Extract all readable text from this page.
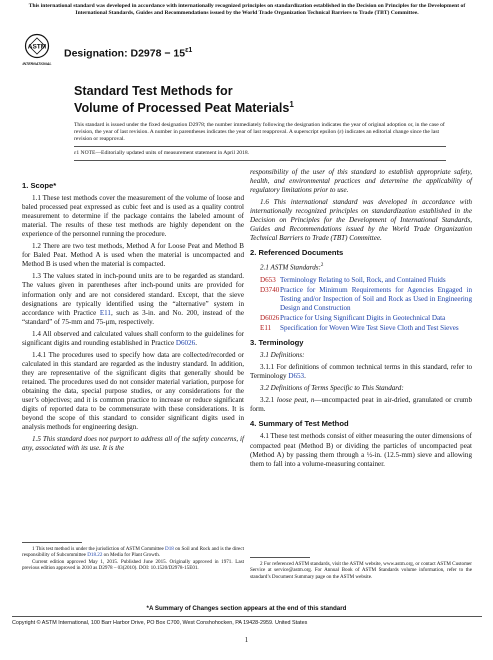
This international standard was developed in accordance with internationally recognized principles on standardization established in the Decision on Principles for the Development of International Standards, Guides and Recommendations issued by the World Trade Organization Technical Barriers to Trade (TBT) Committee.
ASTM
INTERNATIONAL
Designation: $D2978 - 15^{\varepsilon 1}$
Standard Test Methods for
Volume of Processed Peat Materials$^1$
This standard is issued under the fixed designation D2978; the number immediately following the designation indicates the year of original adoption or, in the case of revision, the year of last revision. A number in parentheses indicates the year of last reapproval. A superscript epsilon (ε) indicates an editorial change since the last revision or reapproval.
ε1 NOTE—Editorially updated units of measurement statement in April 2018.
1. Scope*

1.1 These test methods cover the measurement of the volume of loose and baled processed peat expressed as cubic feet and is used as a quality control measurement to determine if the package contains the labeled amount of material. The results of these test methods are highly dependent on the experience of the personnel running the procedure.

1.2 There are two test methods, Method A for Loose Peat and Method B for Baled Peat. Method A is used when the material is uncompacted and Method B is used when the material is compacted.

1.3 The values stated in inch-pound units are to be regarded as standard. The values given in parentheses after inch-pound units are provided for information only and are not considered standard. Except, that the sieve designations are typically identified using the “alternative” system in accordance with Practice E11, such as 3-in. and No. 200, instead of the “standard” of 75-mm and 75-μm, respectively.

1.4 All observed and calculated values shall conform to the guidelines for significant digits and rounding established in Practice D6026.

1.4.1 The procedures used to specify how data are collected/recorded or calculated in this standard are regarded as the industry standard. In addition, they are representative of the significant digits that generally should be retained. The procedures used do not consider material variation, purpose for obtaining the data, special purpose studies, or any considerations for the user’s objectives; and it is common practice to increase or reduce significant digits of reported data to be commensurate with these considerations. It is beyond the scope of this standard to consider significant digits used in analysis methods for engineering design.

1.5 This standard does not purport to address all of the safety concerns, if any, associated with its use. It is the

1 This test method is under the jurisdiction of ASTM Committee D18 on Soil and Rock and is the direct responsibility of Subcommittee D18.22 on Media for Plant Growth.
Current edition approved May 1, 2015. Published June 2015. Originally approved in 1971. Last previous edition approved in 2010 as D2978 – 03(2010). DOI: 10.1520/D2978-15E01.

responsibility of the user of this standard to establish appropriate safety, health, and environmental practices and determine the applicability of regulatory limitations prior to use.

1.6 This international standard was developed in accordance with internationally recognized principles on standardization established in the Decision on Principles for the Development of International Standards, Guides and Recommendations issued by the World Trade Organization Technical Barriers to Trade (TBT) Committee.

2. Referenced Documents

2.1 ASTM Standards:$^2$

D653 Terminology Relating to Soil, Rock, and Contained Fluids
D3740 Practice for Minimum Requirements for Agencies Engaged in Testing and/or Inspection of Soil and Rock as Used in Engineering Design and Construction
D6026 Practice for Using Significant Digits in Geotechnical Data
E11	Specification for Woven Wire Test Sieve Cloth and Test Sieves
3. Terminology

3.1 Definitions:

3.1.1 For definitions of common technical terms in this standard, refer to Terminology D653.

3.2 Definitions of Terms Specific to This Standard:

3.2.1 loose peat, n—uncompacted peat in air-dried, granulated or crumb form.

4. Summary of Test Method

4.1 These test methods consist of either measuring the outer dimensions of compacted peat (Method B) or dividing the particles of uncompacted peat (Method A) by passing them through a ½-in. (12.5-mm) sieve and allowing them to fall into a volume-measuring container.

2 For referenced ASTM standards, visit the ASTM website, www.astm.org, or contact ASTM Customer Service at service@astm.org. For Annual Book of ASTM Standards volume information, refer to the standard’s Document Summary page on the ASTM website.
*A Summary of Changes section appears at the end of this standard
Copyright © ASTM International, 100 Barr Harbor Drive, PO Box C700, West Conshohocken, PA 19428-2959. United States
1
